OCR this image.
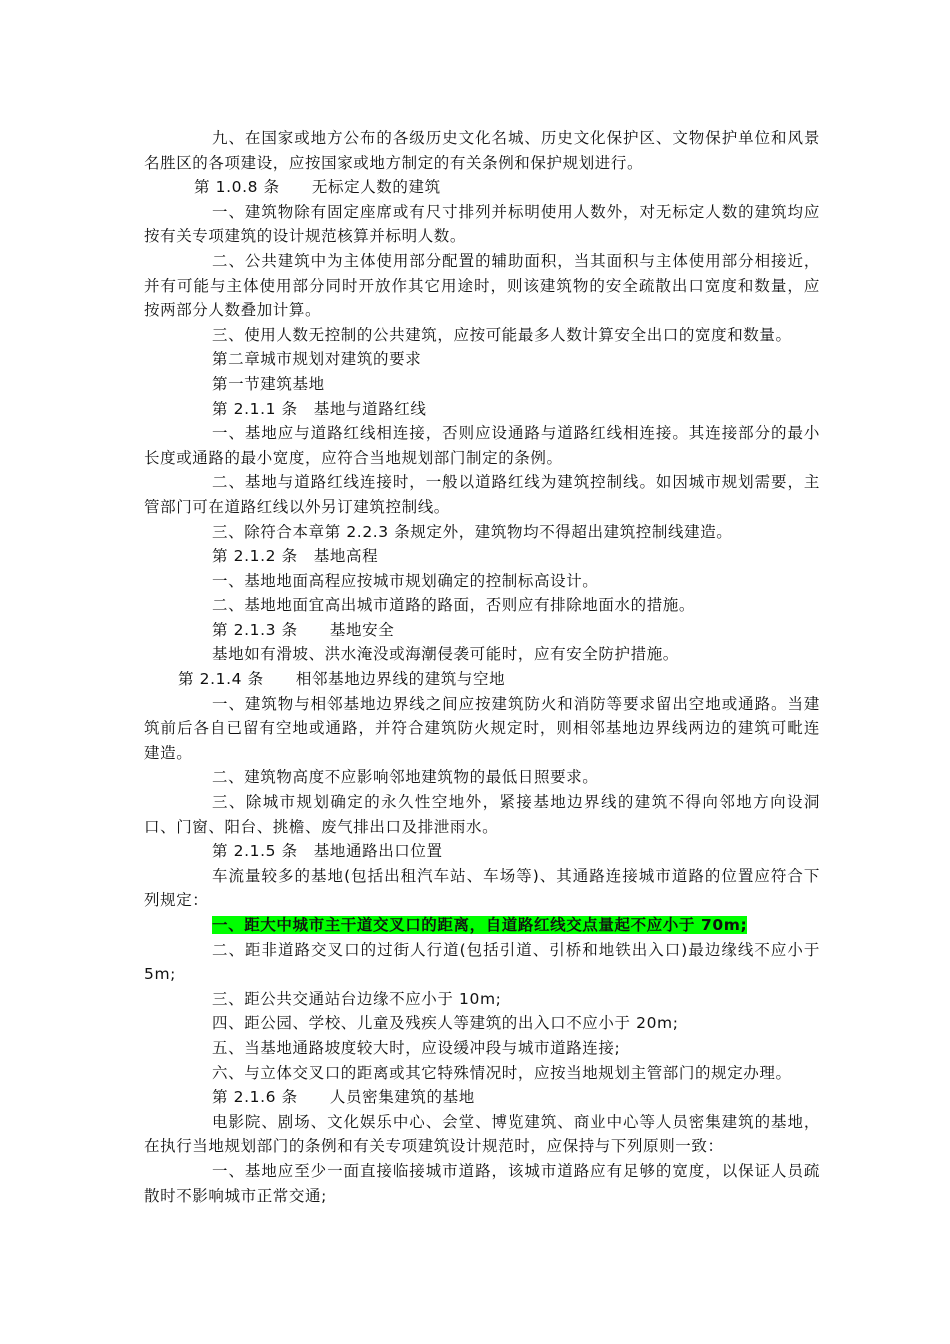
九、在国家或地方公布的各级历史文化名城、历史文化保护区、文物保护单位和风景名胜区的各项建设，应按国家或地方制定的有关条例和保护规划进行。

第 1.0.8 条　　无标定人数的建筑

一、建筑物除有固定座席或有尺寸排列并标明使用人数外，对无标定人数的建筑均应按有关专项建筑的设计规范核算并标明人数。

二、公共建筑中为主体使用部分配置的辅助面积，当其面积与主体使用部分相接近，并有可能与主体使用部分同时开放作其它用途时，则该建筑物的安全疏散出口宽度和数量，应按两部分人数叠加计算。

三、使用人数无控制的公共建筑，应按可能最多人数计算安全出口的宽度和数量。

第二章城市规划对建筑的要求

第一节建筑基地

第 2.1.1 条　基地与道路红线

一、基地应与道路红线相连接，否则应设通路与道路红线相连接。其连接部分的最小长度或通路的最小宽度，应符合当地规划部门制定的条例。

二、基地与道路红线连接时，一般以道路红线为建筑控制线。如因城市规划需要，主管部门可在道路红线以外另订建筑控制线。

三、除符合本章第 2.2.3 条规定外，建筑物均不得超出建筑控制线建造。

第 2.1.2 条　基地高程

一、基地地面高程应按城市规划确定的控制标高设计。

二、基地地面宜高出城市道路的路面，否则应有排除地面水的措施。

第 2.1.3 条　　基地安全

基地如有滑坡、洪水淹没或海潮侵袭可能时，应有安全防护措施。

第 2.1.4 条　　相邻基地边界线的建筑与空地

一、建筑物与相邻基地边界线之间应按建筑防火和消防等要求留出空地或通路。当建筑前后各自已留有空地或通路，并符合建筑防火规定时，则相邻基地边界线两边的建筑可毗连建造。

二、建筑物高度不应影响邻地建筑物的最低日照要求。

三、除城市规划确定的永久性空地外，紧接基地边界线的建筑不得向邻地方向设洞口、门窗、阳台、挑檐、废气排出口及排泄雨水。

第 2.1.5 条　基地通路出口位置

车流量较多的基地(包括出租汽车站、车场等)、其通路连接城市道路的位置应符合下列规定：

一、距大中城市主干道交叉口的距离，自道路红线交点量起不应小于 70m;

二、距非道路交叉口的过街人行道(包括引道、引桥和地铁出入口)最边缘线不应小于 5m;

三、距公共交通站台边缘不应小于 10m;

四、距公园、学校、儿童及残疾人等建筑的出入口不应小于 20m;

五、当基地通路坡度较大时，应设缓冲段与城市道路连接;

六、与立体交叉口的距离或其它特殊情况时，应按当地规划主管部门的规定办理。

第 2.1.6 条　　人员密集建筑的基地

电影院、剧场、文化娱乐中心、会堂、博览建筑、商业中心等人员密集建筑的基地，在执行当地规划部门的条例和有关专项建筑设计规范时，应保持与下列原则一致：

一、基地应至少一面直接临接城市道路，该城市道路应有足够的宽度，以保证人员疏散时不影响城市正常交通;
